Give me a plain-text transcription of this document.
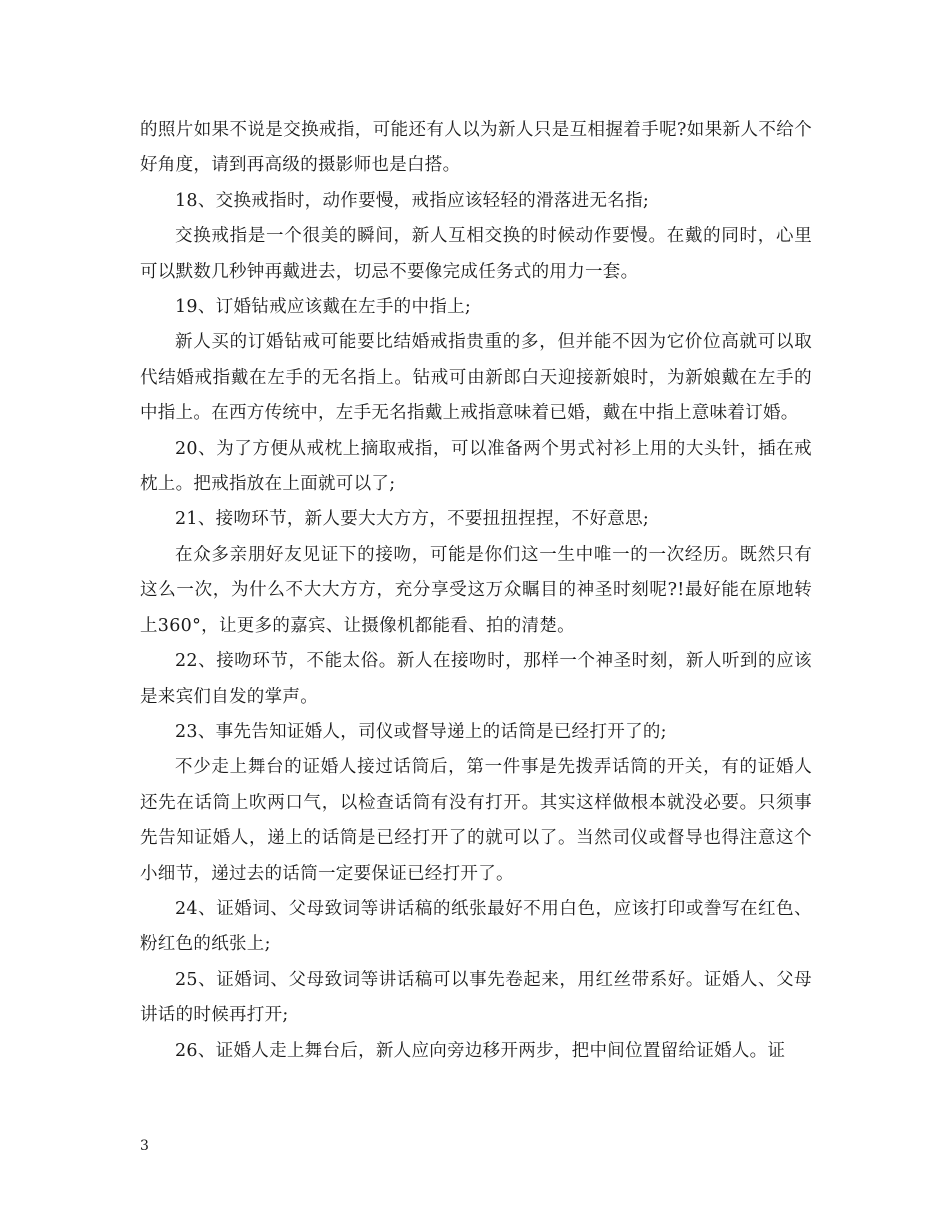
的照片如果不说是交换戒指，可能还有人以为新人只是互相握着手呢?如果新人不给个好角度，请到再高级的摄影师也是白搭。

18、交换戒指时，动作要慢，戒指应该轻轻的滑落进无名指;

交换戒指是一个很美的瞬间，新人互相交换的时候动作要慢。在戴的同时，心里可以默数几秒钟再戴进去，切忌不要像完成任务式的用力一套。

19、订婚钻戒应该戴在左手的中指上;

新人买的订婚钻戒可能要比结婚戒指贵重的多，但并能不因为它价位高就可以取代结婚戒指戴在左手的无名指上。钻戒可由新郎白天迎接新娘时，为新娘戴在左手的中指上。在西方传统中，左手无名指戴上戒指意味着已婚，戴在中指上意味着订婚。

20、为了方便从戒枕上摘取戒指，可以准备两个男式衬衫上用的大头针，插在戒枕上。把戒指放在上面就可以了;

21、接吻环节，新人要大大方方，不要扭扭捏捏，不好意思;

在众多亲朋好友见证下的接吻，可能是你们这一生中唯一的一次经历。既然只有这么一次，为什么不大大方方，充分享受这万众瞩目的神圣时刻呢?!最好能在原地转上360°，让更多的嘉宾、让摄像机都能看、拍的清楚。

22、接吻环节，不能太俗。新人在接吻时，那样一个神圣时刻，新人听到的应该是来宾们自发的掌声。

23、事先告知证婚人，司仪或督导递上的话筒是已经打开了的;

不少走上舞台的证婚人接过话筒后，第一件事是先拨弄话筒的开关，有的证婚人还先在话筒上吹两口气，以检查话筒有没有打开。其实这样做根本就没必要。只须事先告知证婚人，递上的话筒是已经打开了的就可以了。当然司仪或督导也得注意这个小细节，递过去的话筒一定要保证已经打开了。

24、证婚词、父母致词等讲话稿的纸张最好不用白色，应该打印或誊写在红色、粉红色的纸张上;

25、证婚词、父母致词等讲话稿可以事先卷起来，用红丝带系好。证婚人、父母讲话的时候再打开;

26、证婚人走上舞台后，新人应向旁边移开两步，把中间位置留给证婚人。证

3
